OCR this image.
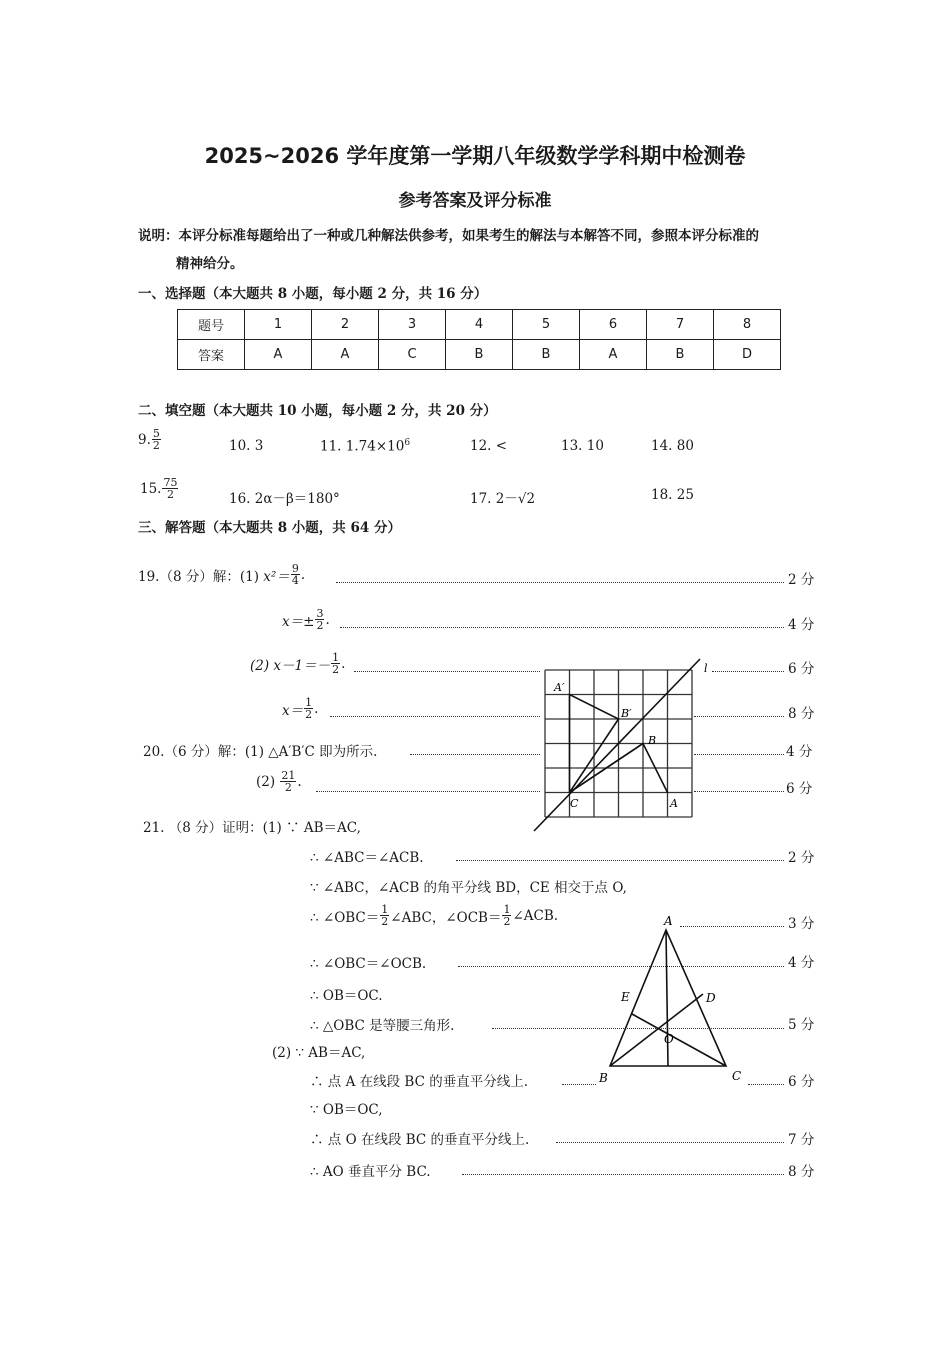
2025~2026 学年度第一学期八年级数学学科期中检测卷
参考答案及评分标准
说明：本评分标准每题给出了一种或几种解法供参考，如果考生的解法与本解答不同，参照本评分标准的
精神给分。
一、选择题（本大题共 8 小题，每小题 2 分，共 16 分）
题号	1	2	3	4	5	6	7	8
答案	A	A	C	B	B	A	B	D
二、填空题（本大题共 10 小题，每小题 2 分，共 20 分）
9. $\frac{5}{2}$	10. 3	11. $1.74\times 10^6$	12. <	13. 10	14. 80
15. $\frac{75}{2}$	16. 2α－β＝180°	17. 2－√2	18. 25
三、解答题（本大题共 8 小题，共 64 分）
19.（8 分）解：(1)
$x^2= \frac{9}{4}$ .	2 分
$x=\pm \frac{3}{2}$ .	4 分
(2) $x-1=- \frac{1}{2}$ .	6 分
$x= \frac{1}{2}$ .	8 分
20.（6 分）解：(1) △A′B′C 即为所示.	4 分
(2)
$\frac{21}{2}$ .	6 分
A′
B′
B
C	A
l
21. （8 分）证明：(1) ∵ AB＝AC,
∴ ∠ABC＝∠ACB.	2 分
∵ ∠ABC，∠ACB 的角平分线 BD，CE 相交于点 O,
∴ ∠OBC＝ $\frac{1}{2}$ ∠ABC，∠OCB＝ $\frac{1}{2}$ ∠ACB.
3 分
∴ ∠OBC＝∠OCB.	4 分
∴ OB＝OC.
∴ △OBC 是等腰三角形.	5 分
(2) ∵ AB＝AC,
∴ 点 A 在线段 BC 的垂直平分线上.	6 分
∵ OB＝OC,
∴ 点 O 在线段 BC 的垂直平分线上.	7 分
∴ AO 垂直平分 BC.	8 分
A
B	C
D
E
O
